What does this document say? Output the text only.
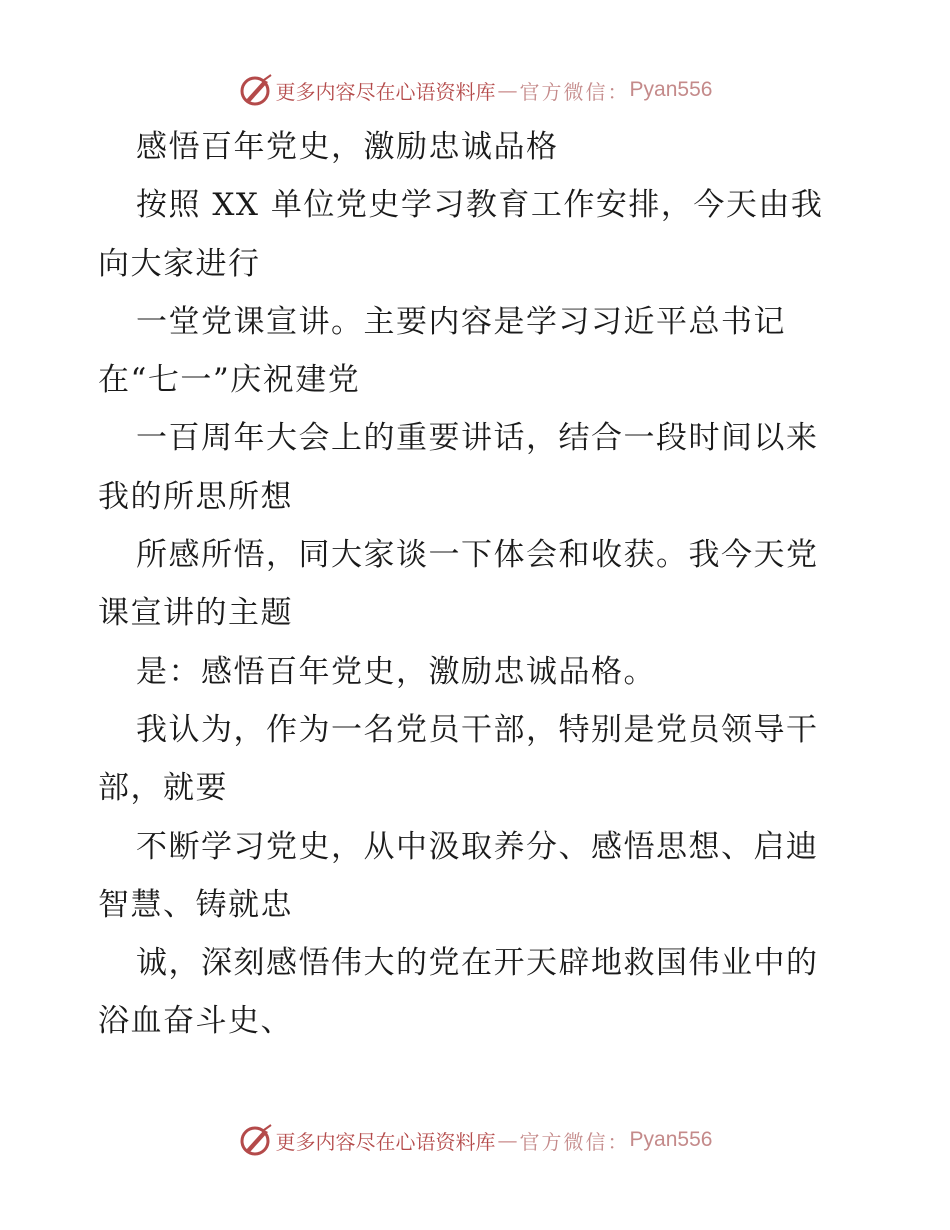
更多内容尽在心语资料库 — 官方微信： Pyan556
感悟百年党史，激励忠诚品格
按照 XX 单位党史学习教育工作安排，今天由我
向大家进行
一堂党课宣讲。主要内容是学习习近平总书记
在“七一”庆祝建党
一百周年大会上的重要讲话，结合一段时间以来
我的所思所想
所感所悟，同大家谈一下体会和收获。我今天党
课宣讲的主题
是：感悟百年党史，激励忠诚品格。
我认为，作为一名党员干部，特别是党员领导干
部，就要
不断学习党史，从中汲取养分、感悟思想、启迪
智慧、铸就忠
诚，深刻感悟伟大的党在开天辟地救国伟业中的
浴血奋斗史、
更多内容尽在心语资料库 — 官方微信： Pyan556
